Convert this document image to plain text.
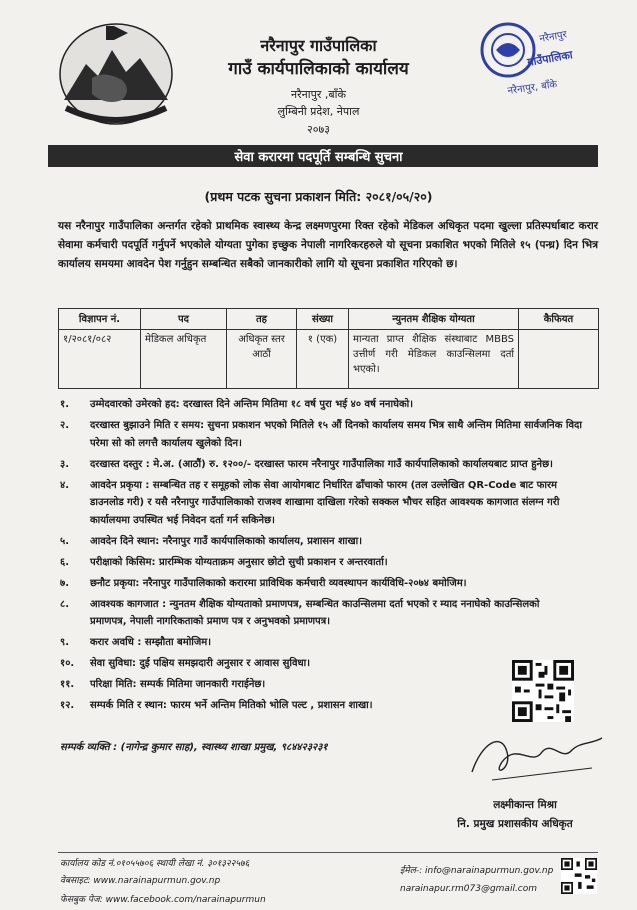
नरैनापुर
गाउँपालिका
नरैनापुर, बाँके
नरैनापुर गाउँपालिका
गाउँ कार्यपालिकाको कार्यालय
नरैनापुर ,बाँके
लुम्बिनी प्रदेश, नेपाल
२०७३
सेवा करारमा पदपूर्ति सम्बन्धि सुचना
(प्रथम पटक सुचना प्रकाशन मिति: २०८१/०५/२०)
यस नरैनापुर गाउँपालिका अन्तर्गत रहेको प्राथमिक स्वास्थ्य केन्द्र लक्ष्मणपुरमा रिक्त रहेको मेडिकल अधिकृत पदमा खुल्ला प्रतिस्पर्धाबाट करार सेवामा कर्मचारी पदपूर्ति गर्नुपर्ने भएकोले योग्यता पुगेका इच्छुक नेपाली नागरिकरहरुले यो सूचना प्रकाशित भएको मितिले १५ (पन्ध्र) दिन भित्र कार्यालय समयमा आवदेन पेश गर्नुहुन सम्बन्धित सबैको जानकारीको लागि यो सूचना प्रकाशित गरिएको छ।
विज्ञापन नं.	पद	तह	संख्या	न्युनतम शैक्षिक योग्यता	कैफियत
१/२०८१/०८२	मेडिकल अधिकृत	अधिकृत स्तर आठौं	१ (एक)	मान्यता प्राप्त शैक्षिक संस्थाबाट MBBS उत्तीर्ण गरी मेडिकल काउन्सिलमा दर्ता भएको।	
१.	उम्मेदवारको उमेरको हद: दरखास्त दिने अन्तिम मितिमा १८ वर्ष पुरा भई ४० वर्ष ननाघेको।
२.	दरखास्त बुझाउने मिति र समय: सुचना प्रकाशन भएको मितिले १५ औं दिनको कार्यालय समय भित्र साथै अन्तिम मितिमा सार्वजनिक विदा परेमा सो को लगत्तै कार्यालय खुलेको दिन।
३.	दरखास्त दस्तुर : मे.अ. (आठौं) रु. १२००/- दरखास्त फारम नरैनापुर गाउँपालिका गाउँ कार्यपालिकाको कार्यालयबाट प्राप्त हुनेछ।
४.	आवदेन प्रकृया : सम्बन्धित तह र समूहको लोक सेवा आयोगबाट निर्धारित ढाँचाको फारम (तल उल्लेखित QR-Code बाट फारम डाउनलोड गरी) र यसै नरैनापुर गाउँपालिकाको राजश्व शाखामा दाखिला गरेको सक्कल भौचर सहित आवश्यक कागजात संलग्न गरी कार्यालयमा उपस्थित भई निवेदन दर्ता गर्न सकिनेछ।
५.	आवदेन दिने स्थान: नरैनापुर गाउँ कार्यपालिकाको कार्यालय, प्रशासन शाखा।
६.	परीक्षाको किसिम: प्रारम्भिक योग्यताक्रम अनुसार छोटो सुची प्रकाशन र अन्तरवार्ता।
७.	छनौट प्रकृया: नरैनापुर गाउँपालिकाको करारमा प्राविधिक कर्मचारी व्यवस्थापन कार्यविधि-२०७४ बमोजिम।
८.	आवश्यक कागजात : न्युनतम शैक्षिक योग्यताको प्रमाणपत्र, सम्बन्धित काउन्सिलमा दर्ता भएको र म्याद ननाघेको काउन्सिलको प्रमाणपत्र, नेपाली नागरिकताको प्रमाण पत्र र अनुभवको प्रमाणपत्र।
९.	करार अवधि : सम्झौता बमोजिम।
१०.	सेवा सुविधा: दुई पक्षिय समझदारी अनुसार र आवास सुविधा।
११.	परिक्षा मिति: सम्पर्क मितिमा जानकारी गराईनेछ।
१२.	सम्पर्क मिति र स्थान: फारम भर्ने अन्तिम मितिको भोलि पल्ट , प्रशासन शाखा।
सम्पर्क व्यक्ति : (नागेन्द्र कुमार साह), स्वास्थ्य शाखा प्रमुख, ९८४४२३२३१
लक्ष्मीकान्त मिश्रा
नि. प्रमुख प्रशासकीय अधिकृत
कार्यालय कोड नं.०१०५५७०६ स्थायी लेखा नं. ३०१३२२५७६
वेबसाइट: www.narainapurmun.gov.np
फेसबुक पेज: www.facebook.com/narainapurmun
ईमेल-: info@narainapurmun.gov.np
narainapur.rm073@gmail.com
